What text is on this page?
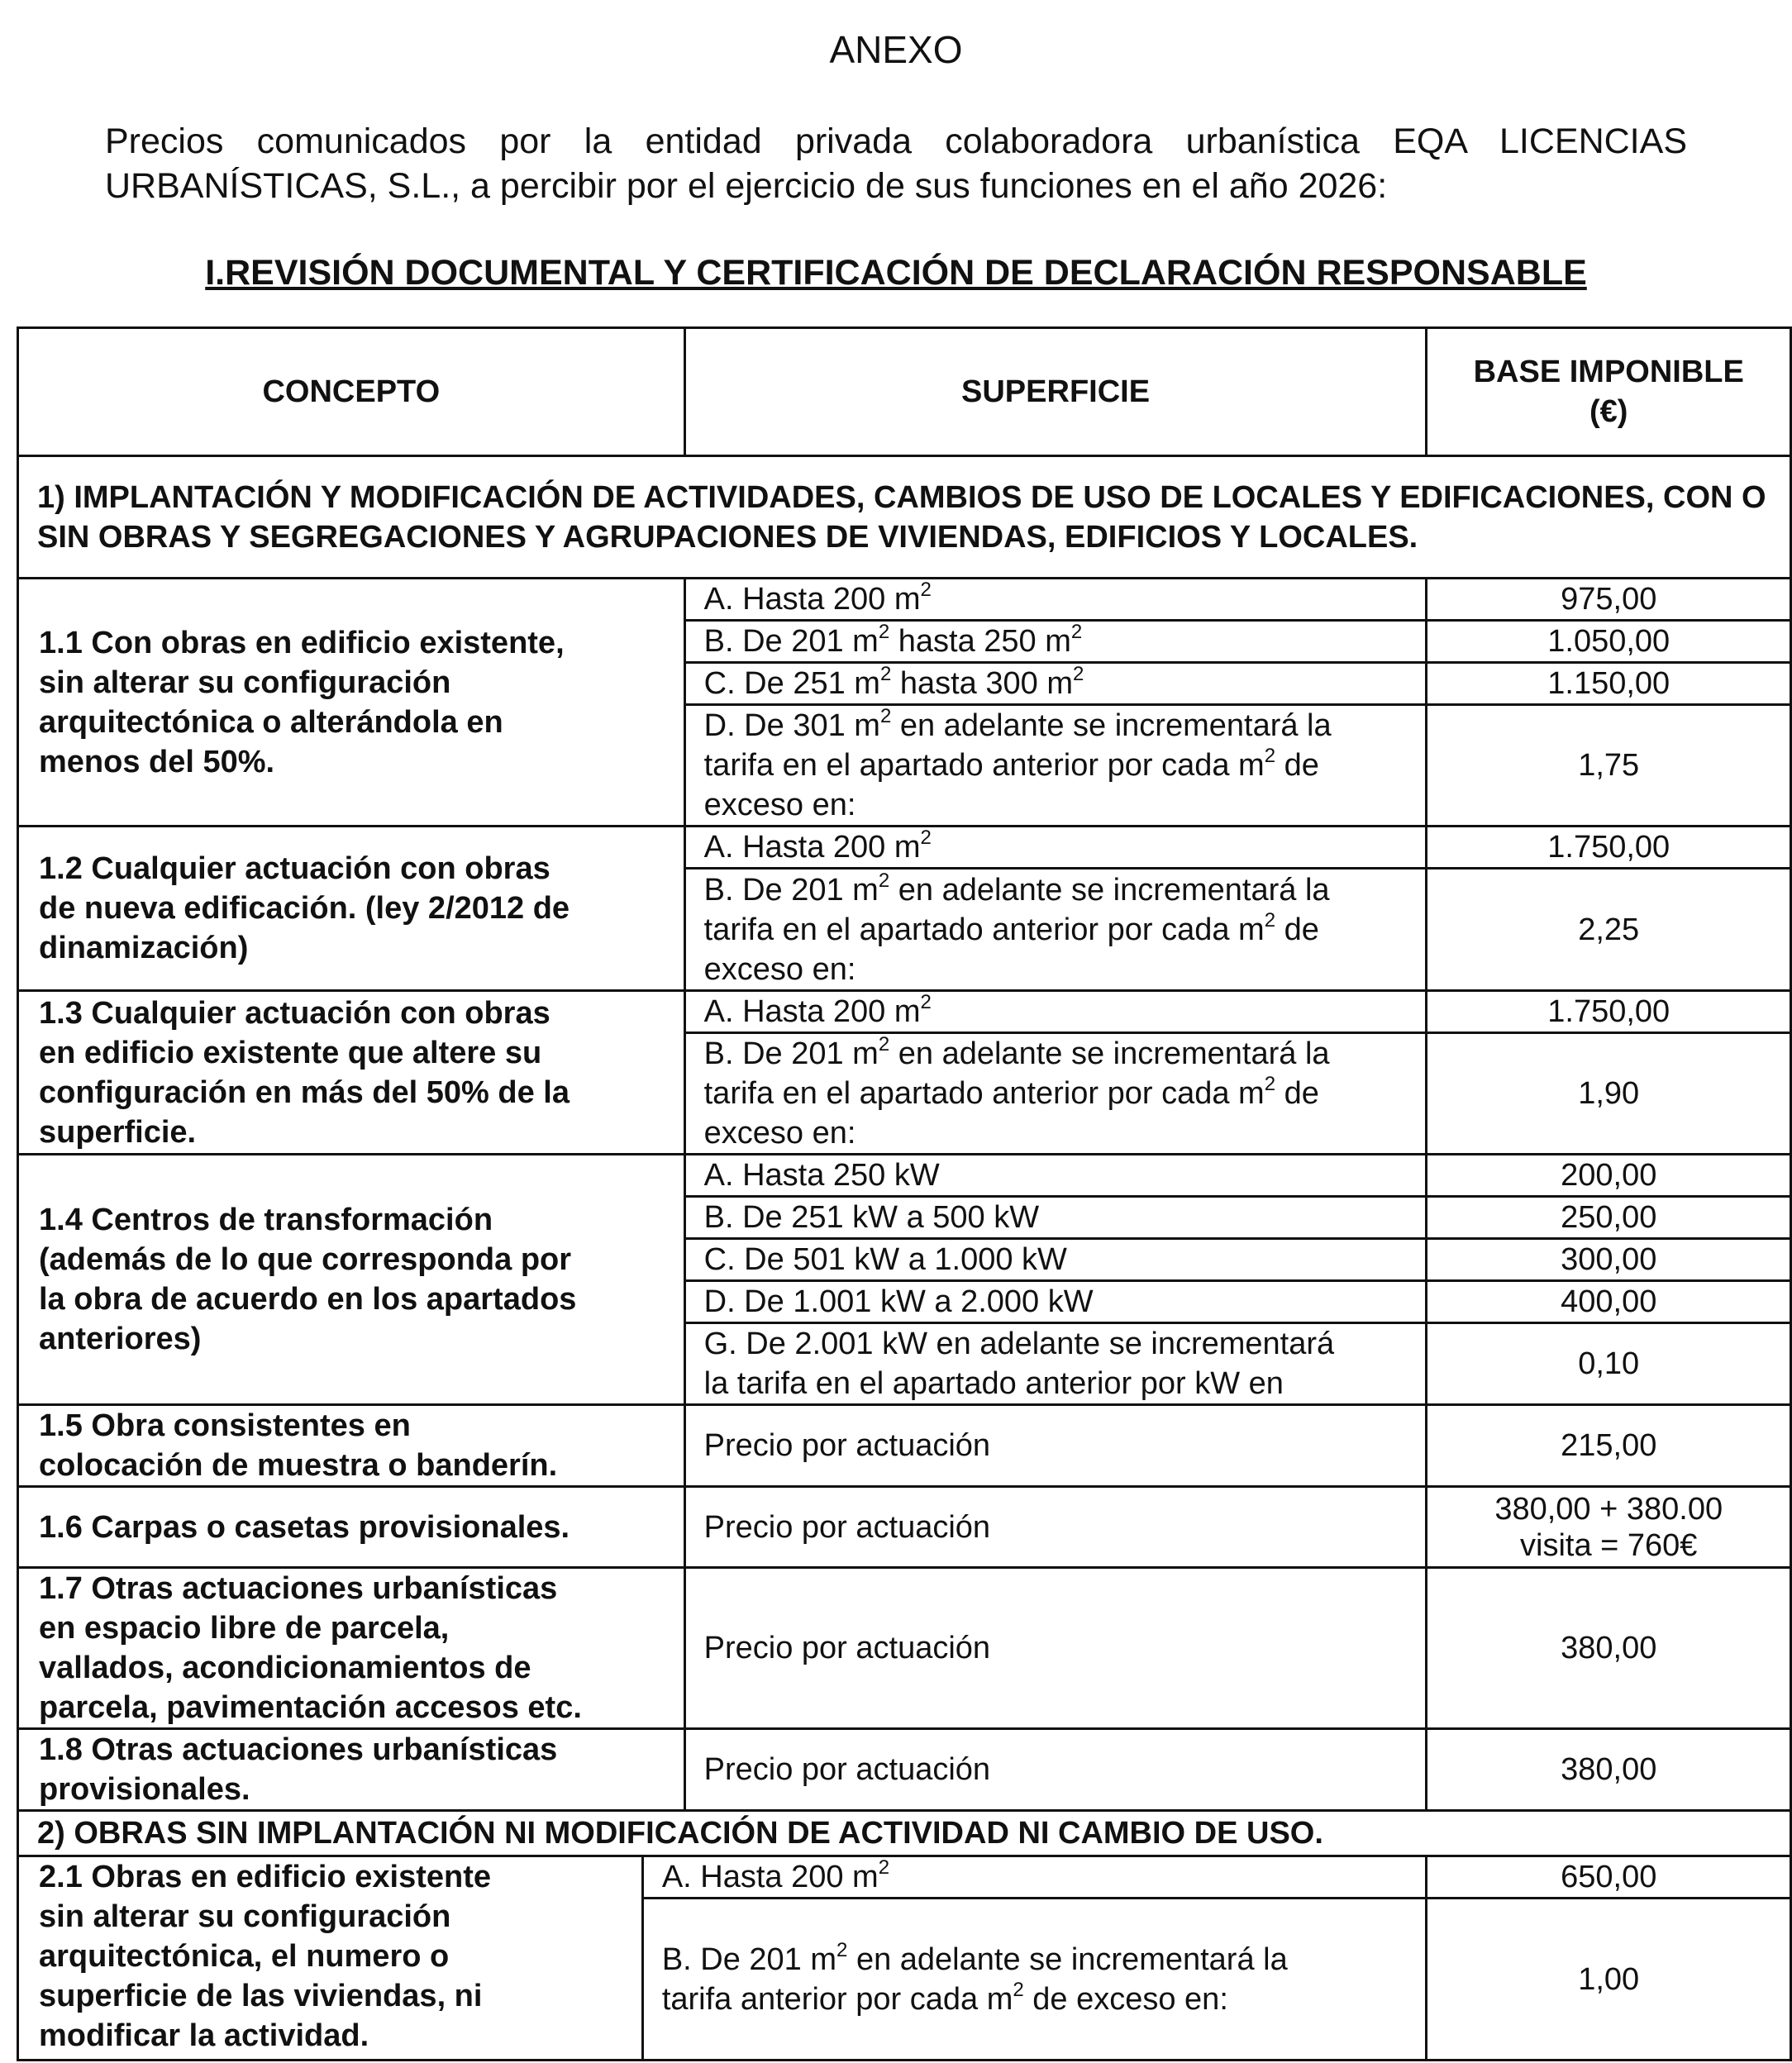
ANEXO

Precios comunicados por la entidad privada colaboradora urbanística EQA LICENCIAS URBANÍSTICAS, S.L., a percibir por el ejercicio de sus funciones en el año 2026:

I.REVISIÓN DOCUMENTAL Y CERTIFICACIÓN DE DECLARACIÓN RESPONSABLE
CONCEPTO		SUPERFICIE	BASE IMPONIBLE
(€)
1) IMPLANTACIÓN Y MODIFICACIÓN DE ACTIVIDADES, CAMBIOS DE USO DE LOCALES Y EDIFICACIONES, CON O SIN OBRAS Y SEGREGACIONES Y AGRUPACIONES DE VIVIENDAS, EDIFICIOS Y LOCALES.			
1.1 Con obras en edificio existente,
sin alterar su configuración
arquitectónica o alterándola en
menos del 50%.		A. Hasta 200 $m^2$	975,00
		B. De 201 $m^2$ hasta 250 $m^2$	1.050,00
		C. De 251 $m^2$ hasta 300 $m^2$	1.150,00
		D. De 301 $m^2$ en adelante se incrementará la
tarifa en el apartado anterior por cada $m^2$ de
exceso en:	1,75
1.2 Cualquier actuación con obras
de nueva edificación. (ley 2/2012 de
dinamización)		A. Hasta 200 $m^2$	1.750,00
		B. De 201 $m^2$ en adelante se incrementará la
tarifa en el apartado anterior por cada $m^2$ de
exceso en:	2,25
1.3 Cualquier actuación con obras
en edificio existente que altere su
configuración en más del 50% de la
superficie.		A. Hasta 200 $m^2$	1.750,00
		B. De 201 $m^2$ en adelante se incrementará la
tarifa en el apartado anterior por cada $m^2$ de
exceso en:	1,90
1.4 Centros de transformación
(además de lo que corresponda por
la obra de acuerdo en los apartados
anteriores)		A. Hasta 250 kW	200,00
		B. De 251 kW a 500 kW	250,00
		C. De 501 kW a 1.000 kW	300,00
		D. De 1.001 kW a 2.000 kW	400,00
		G. De 2.001 kW en adelante se incrementará
la tarifa en el apartado anterior por kW en	0,10
1.5 Obra consistentes en
colocación de muestra o banderín.		Precio por actuación	215,00
1.6 Carpas o casetas provisionales.		Precio por actuación	380,00 + 380.00
visita = 760€
1.7 Otras actuaciones urbanísticas
en espacio libre de parcela,
vallados, acondicionamientos de
parcela, pavimentación accesos etc.		Precio por actuación	380,00
1.8 Otras actuaciones urbanísticas
provisionales.		Precio por actuación	380,00
2) OBRAS SIN IMPLANTACIÓN NI MODIFICACIÓN DE ACTIVIDAD NI CAMBIO DE USO.			
2.1 Obras en edificio existente
sin alterar su configuración
arquitectónica, el numero o
superficie de las viviendas, ni
modificar la actividad.	A. Hasta 200 $m^2$		650,00
	B. De 201 $m^2$ en adelante se incrementará la
tarifa anterior por cada $m^2$ de exceso en:		1,00
